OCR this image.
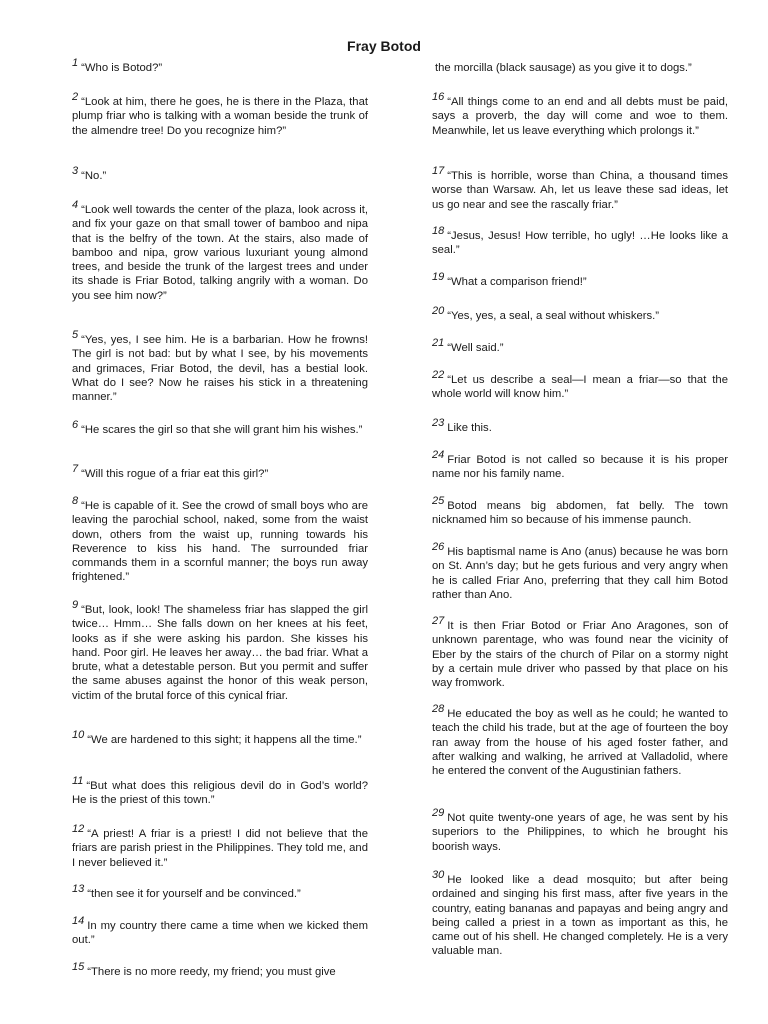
Fray Botod

1 “Who is Botod?”

2 “Look at him, there he goes, he is there in the Plaza, that plump friar who is talking with a woman beside the trunk of the almendre tree! Do you recognize him?”

3 “No.”

4 “Look well towards the center of the plaza, look across it, and fix your gaze on that small tower of bamboo and nipa that is the belfry of the town. At the stairs, also made of bamboo and nipa, grow various luxuriant young almond trees, and beside the trunk of the largest trees and under its shade is Friar Botod, talking angrily with a woman. Do you see him now?”

5 “Yes, yes, I see him. He is a barbarian. How he frowns! The girl is not bad: but by what I see, by his movements and grimaces, Friar Botod, the devil, has a bestial look. What do I see? Now he raises his stick in a threatening manner.”

6 “He scares the girl so that she will grant him his wishes.”

7 “Will this rogue of a friar eat this girl?”

8 “He is capable of it. See the crowd of small boys who are leaving the parochial school, naked, some from the waist down, others from the waist up, running towards his Reverence to kiss his hand. The surrounded friar commands them in a scornful manner; the boys run away frightened.”

9 “But, look, look! The shameless friar has slapped the girl twice… Hmm… She falls down on her knees at his feet, looks as if she were asking his pardon. She kisses his hand. Poor girl. He leaves her away… the bad friar. What a brute, what a detestable person. But you permit and suffer the same abuses against the honor of this weak person, victim of the brutal force of this cynical friar.

10 “We are hardened to this sight; it happens all the time.”

11 “But what does this religious devil do in God’s world? He is the priest of this town.”

12 “A priest! A friar is a priest! I did not believe that the friars are parish priest in the Philippines. They told me, and I never believed it.”

13 “then see it for yourself and be convinced.”

14 In my country there came a time when we kicked them out.”

15 “There is no more reedy, my friend; you must give

the morcilla (black sausage) as you give it to dogs.”

16 “All things come to an end and all debts must be paid, says a proverb, the day will come and woe to them. Meanwhile, let us leave everything which prolongs it.”

17 “This is horrible, worse than China, a thousand times worse than Warsaw. Ah, let us leave these sad ideas, let us go near and see the rascally friar.”

18 “Jesus, Jesus! How terrible, ho ugly! …He looks like a seal.”

19 “What a comparison friend!”

20 “Yes, yes, a seal, a seal without whiskers.”

21 “Well said.”

22 “Let us describe a seal—I mean a friar—so that the whole world will know him.”

23 Like this.

24 Friar Botod is not called so because it is his proper name nor his family name.

25 Botod means big abdomen, fat belly. The town nicknamed him so because of his immense paunch.

26 His baptismal name is Ano (anus) because he was born on St. Ann’s day; but he gets furious and very angry when he is called Friar Ano, preferring that they call him Botod rather than Ano.

27 It is then Friar Botod or Friar Ano Aragones, son of unknown parentage, who was found near the vicinity of Eber by the stairs of the church of Pilar on a stormy night by a certain mule driver who passed by that place on his way fromwork.

28 He educated the boy as well as he could; he wanted to teach the child his trade, but at the age of fourteen the boy ran away from the house of his aged foster father, and after walking and walking, he arrived at Valladolid, where he entered the convent of the Augustinian fathers.

29 Not quite twenty-one years of age, he was sent by his superiors to the Philippines, to which he brought his boorish ways.

30 He looked like a dead mosquito; but after being ordained and singing his first mass, after five years in the country, eating bananas and papayas and being angry and being called a priest in a town as important as this, he came out of his shell. He changed completely. He is a very valuable man.
